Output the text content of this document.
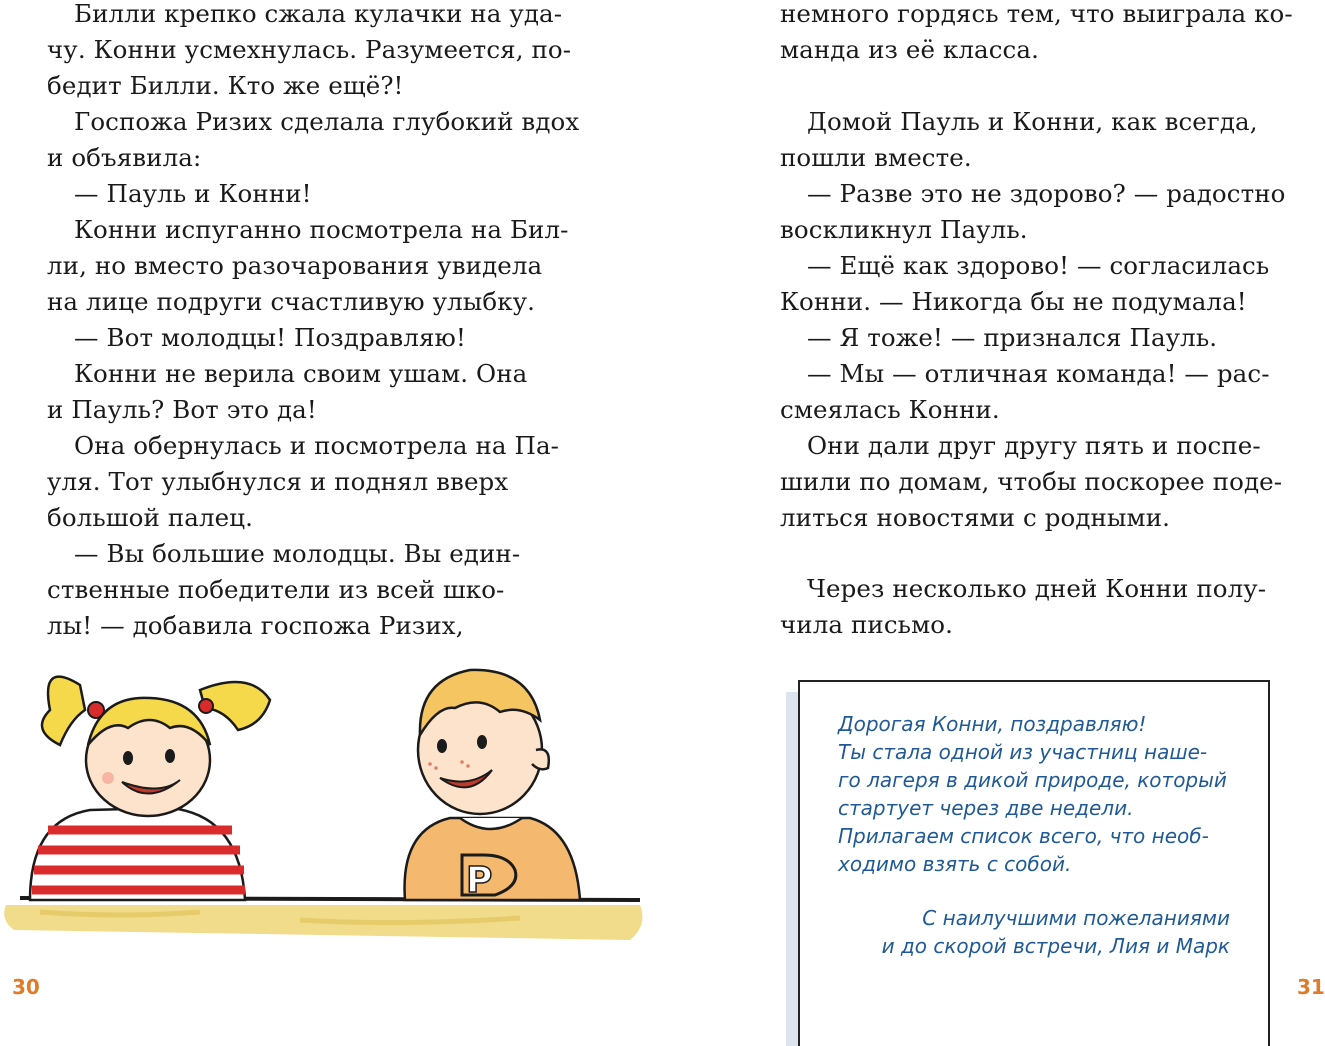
Билли крепко сжала кулачки на уда-
чу. Конни усмехнулась. Разумеется, по-
бедит Билли. Кто же ещё?!
Госпожа Ризих сделала глубокий вдох
и объявила:
— Пауль и Конни!
Конни испуганно посмотрела на Бил-
ли, но вместо разочарования увидела
на лице подруги счастливую улыбку.
— Вот молодцы! Поздравляю!
Конни не верила своим ушам. Она
и Пауль? Вот это да!
Она обернулась и посмотрела на Па-
уля. Тот улыбнулся и поднял вверх
большой палец.
— Вы большие молодцы. Вы един-
ственные победители из всей шко-
лы! — добавила госпожа Ризих,
30
P
немного гордясь тем, что выиграла ко-
манда из её класса.
Домой Пауль и Конни, как всегда,
пошли вместе.
— Разве это не здорово? — радостно
воскликнул Пауль.
— Ещё как здорово! — согласилась
Конни. — Никогда бы не подумала!
— Я тоже! — признался Пауль.
— Мы — отличная команда! — рас-
смеялась Конни.
Они дали друг другу пять и поспе-
шили по домам, чтобы поскорее поде-
литься новостями с родными.
Через несколько дней Конни полу-
чила письмо.
31
Дорогая Конни, поздравляю!
Ты стала одной из участниц наше-
го лагеря в дикой природе, который
стартует через две недели.
Прилагаем список всего, что необ-
ходимо взять с собой.
С наилучшими пожеланиями
и до скорой встречи, Лия и Марк
